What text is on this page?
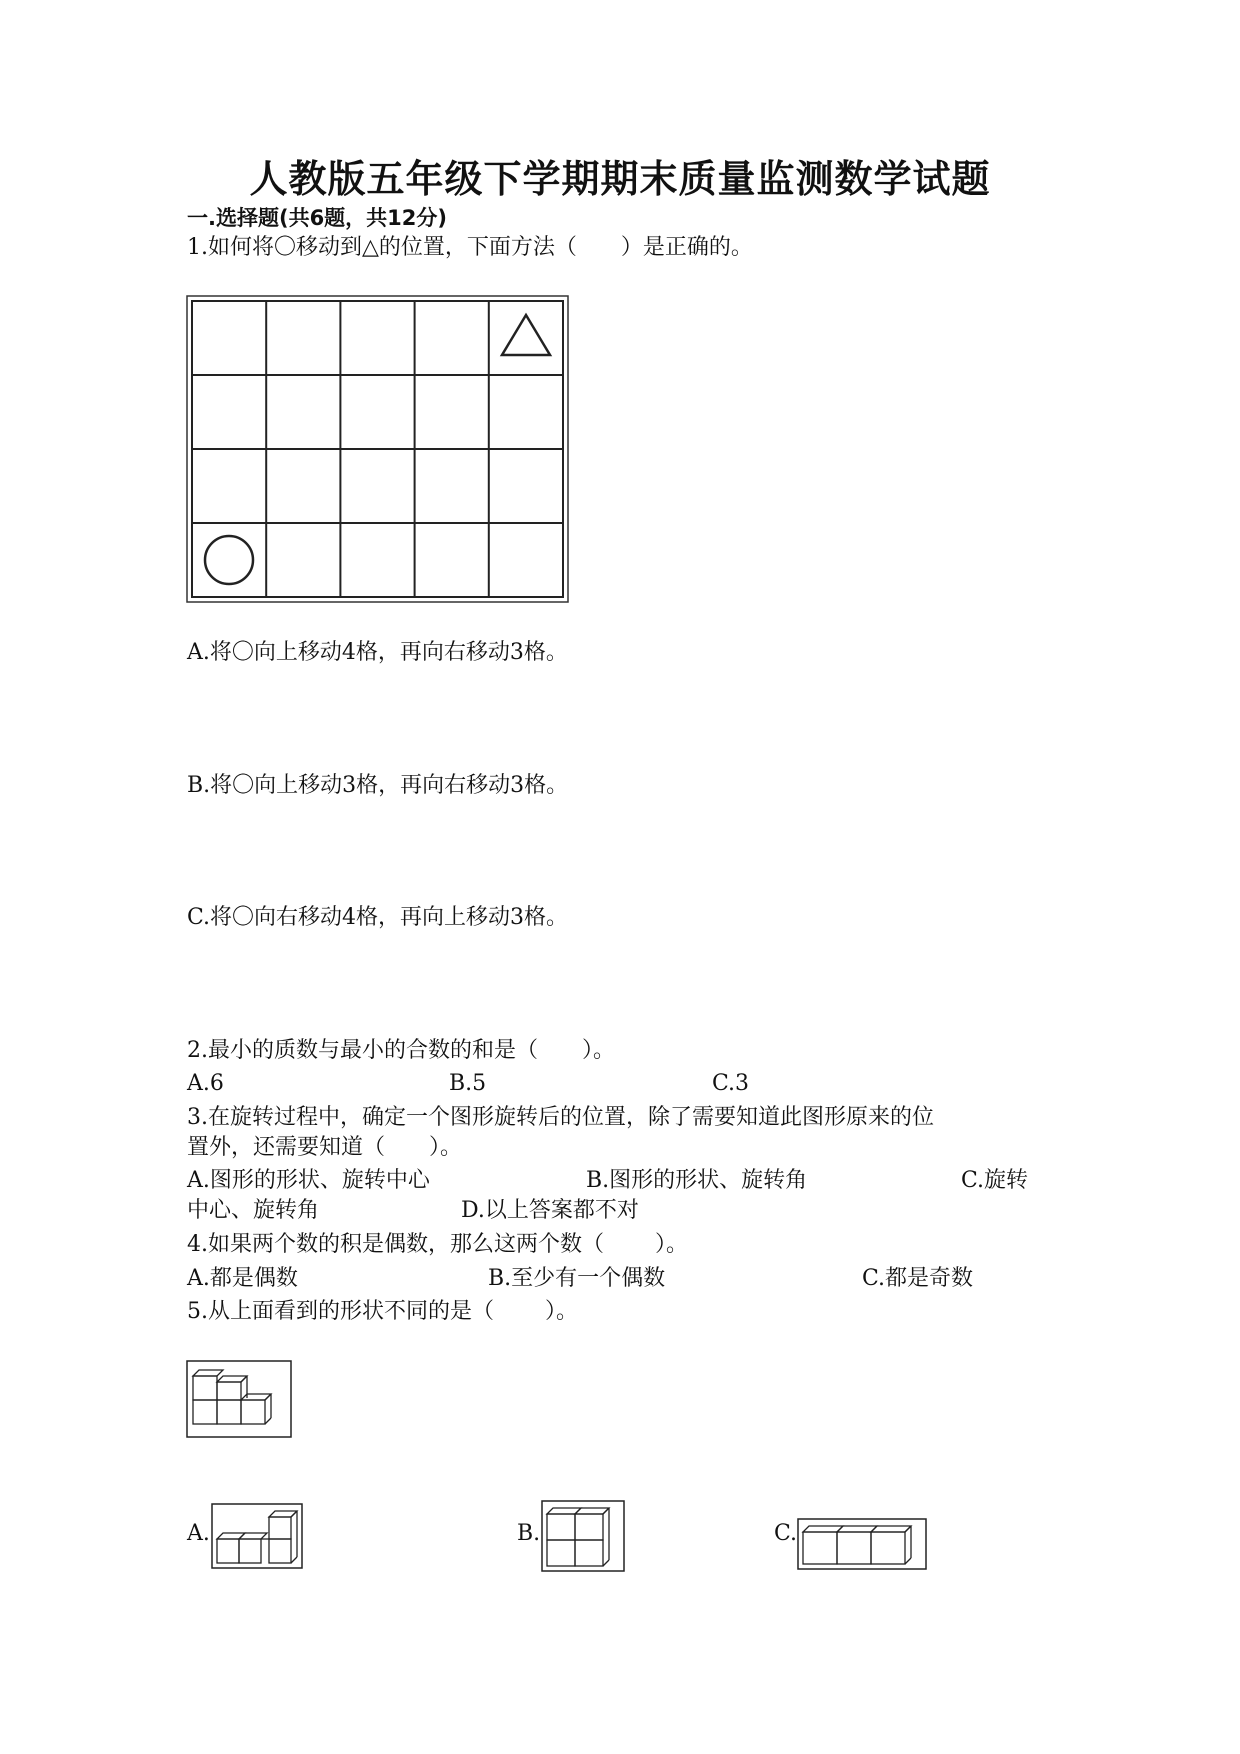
人教版五年级下学期期末质量监测数学试题
一.选择题(共6题，共12分)
1.如何将〇移动到△的位置，下面方法（　　）是正确的。
A.将〇向上移动4格，再向右移动3格。
B.将〇向上移动3格，再向右移动3格。
C.将〇向右移动4格，再向上移动3格。
2.最小的质数与最小的合数的和是（　　）。
A.6	B.5	C.3
3.在旋转过程中，确定一个图形旋转后的位置，除了需要知道此图形原来的位
置外，还需要知道（　　）。
A.图形的形状、旋转中心	B.图形的形状、旋转角	C.旋转
中心、旋转角	D.以上答案都不对
4.如果两个数的积是偶数，那么这两个数（　　 ）。
A.都是偶数	B.至少有一个偶数	C.都是奇数
5.从上面看到的形状不同的是（　　 ）。
A.	B.	C.
